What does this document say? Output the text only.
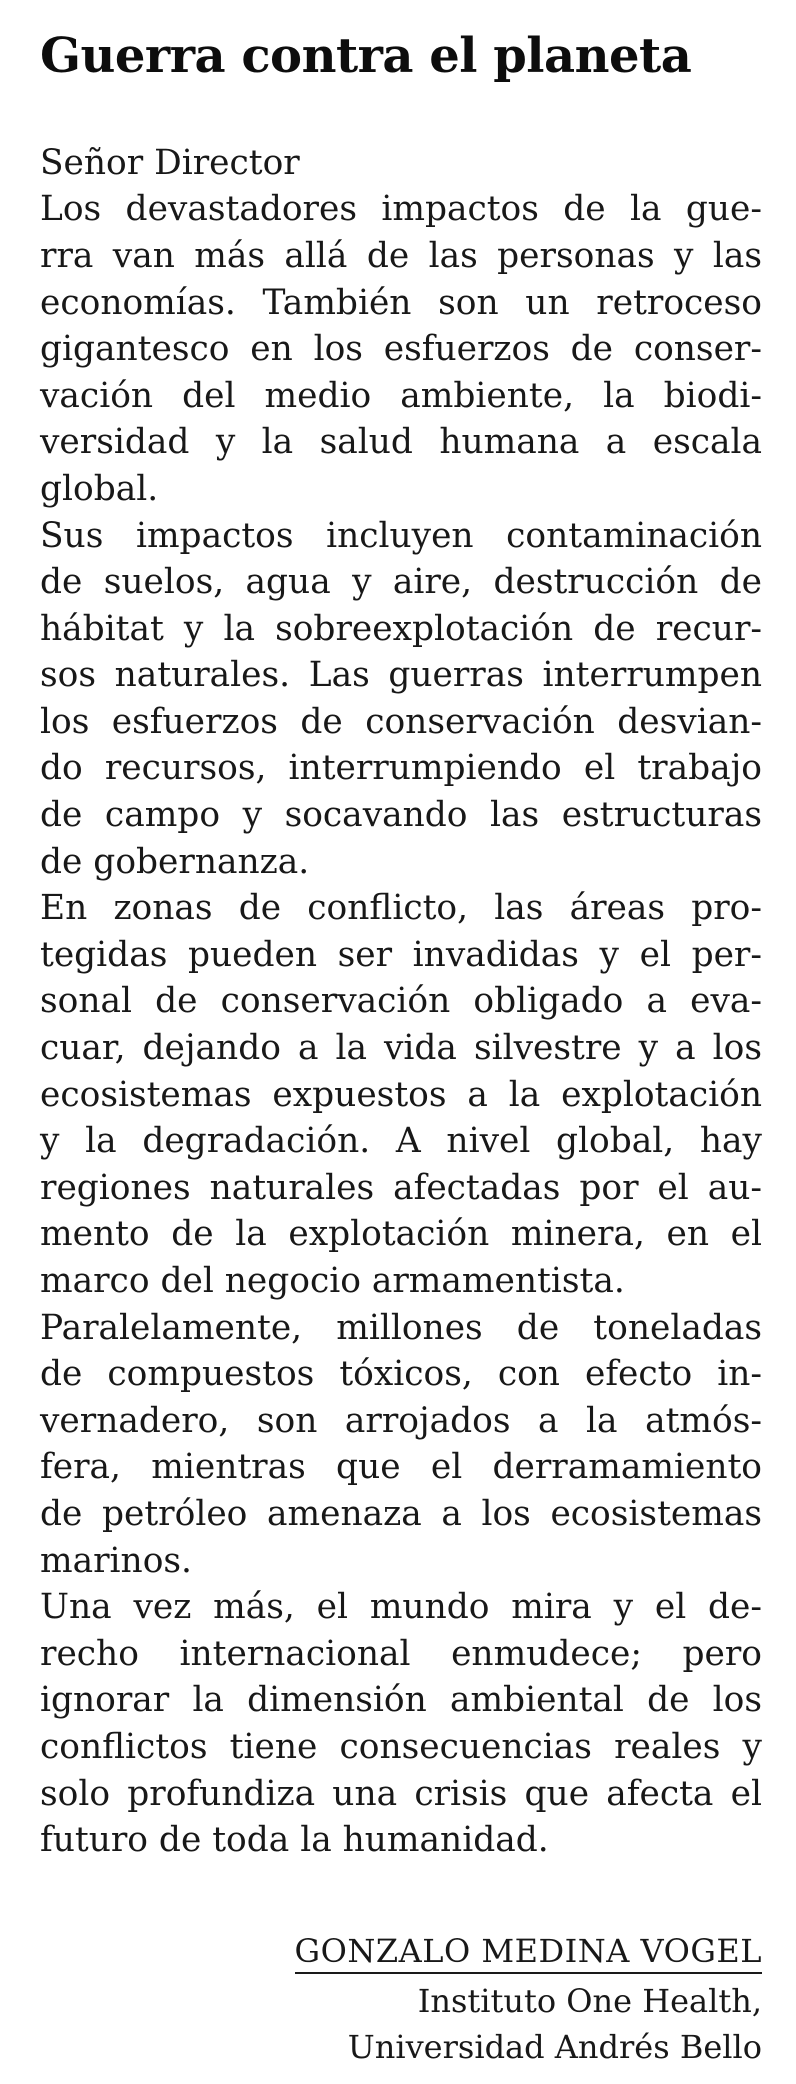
Guerra contra el planeta
Señor Director

Los devastadores impactos de la gue-
rra van más allá de las personas y las
economías. También son un retroceso
gigantesco en los esfuerzos de conser-
vación del medio ambiente, la biodi-
versidad y la salud humana a escala
global.

Sus impactos incluyen contaminación
de suelos, agua y aire, destrucción de
hábitat y la sobreexplotación de recur-
sos naturales. Las guerras interrumpen
los esfuerzos de conservación desvian-
do recursos, interrumpiendo el trabajo
de campo y socavando las estructuras
de gobernanza.

En zonas de conflicto, las áreas pro-
tegidas pueden ser invadidas y el per-
sonal de conservación obligado a eva-
cuar, dejando a la vida silvestre y a los
ecosistemas expuestos a la explotación
y la degradación. A nivel global, hay
regiones naturales afectadas por el au-
mento de la explotación minera, en el
marco del negocio armamentista.

Paralelamente, millones de toneladas
de compuestos tóxicos, con efecto in-
vernadero, son arrojados a la atmós-
fera, mientras que el derramamiento
de petróleo amenaza a los ecosistemas
marinos.

Una vez más, el mundo mira y el de-
recho internacional enmudece; pero
ignorar la dimensión ambiental de los
conflictos tiene consecuencias reales y
solo profundiza una crisis que afecta el
futuro de toda la humanidad.

GONZALO MEDINA VOGEL
Instituto One Health,
Universidad Andrés Bello
